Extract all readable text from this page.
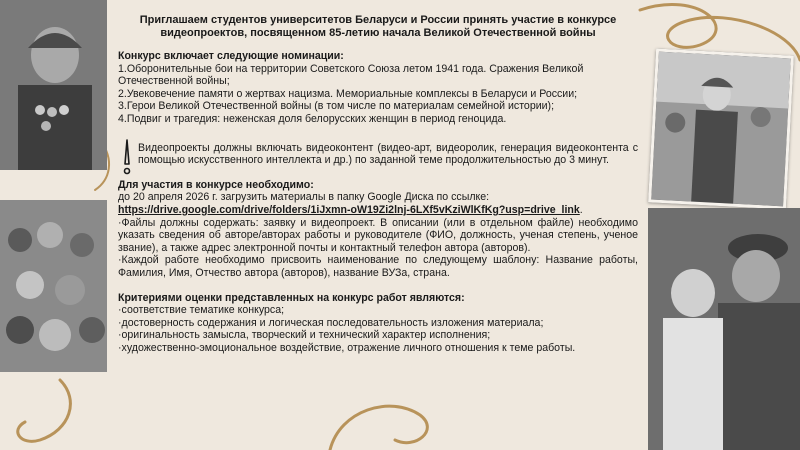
Приглашаем студентов университетов Беларуси и России принять участие в конкурсе видеопроектов, посвященном 85-летию начала Великой Отечественной войны

Конкурс включает следующие номинации:

1.Оборонительные бои на территории Советского Союза летом 1941 года. Сражения Великой Отечественной войны;

2.Увековечение памяти о жертвах нацизма. Мемориальные комплексы в Беларуси и России;

3.Герои Великой Отечественной войны (в том числе по материалам семейной истории);

4.Подвиг и трагедия: неженская доля белорусских женщин в период геноцида.

Видеопроекты должны включать видеоконтент (видео-арт, видеоролик, генерация видеоконтента с помощью искусственного интеллекта и др.) по заданной теме продолжительностью до 3 минут.

Для участия в конкурсе необходимо:

до 20 апреля 2026 г. загрузить материалы в папку Google Диска по ссылке:

https://drive.google.com/drive/folders/1iJxmn-oW19Zi2lnj-6LXf5vKziWlKfKg?usp=drive_link.

·Файлы должны содержать: заявку и видеопроект. В описании (или в отдельном файле) необходимо указать сведения об авторе/авторах работы и руководителе (ФИО, должность, ученая степень, ученое звание), а также адрес электронной почты и контактный телефон автора (авторов).

·Каждой работе необходимо присвоить наименование по следующему шаблону: Название работы, Фамилия, Имя, Отчество автора (авторов), название ВУЗа, страна.

Критериями оценки представленных на конкурс работ являются:

·соответствие тематике конкурса;

·достоверность содержания и логическая последовательность изложения материала;

·оригинальность замысла, творческий и технический характер исполнения;

·художественно-эмоциональное воздействие, отражение личного отношения к теме работы.
